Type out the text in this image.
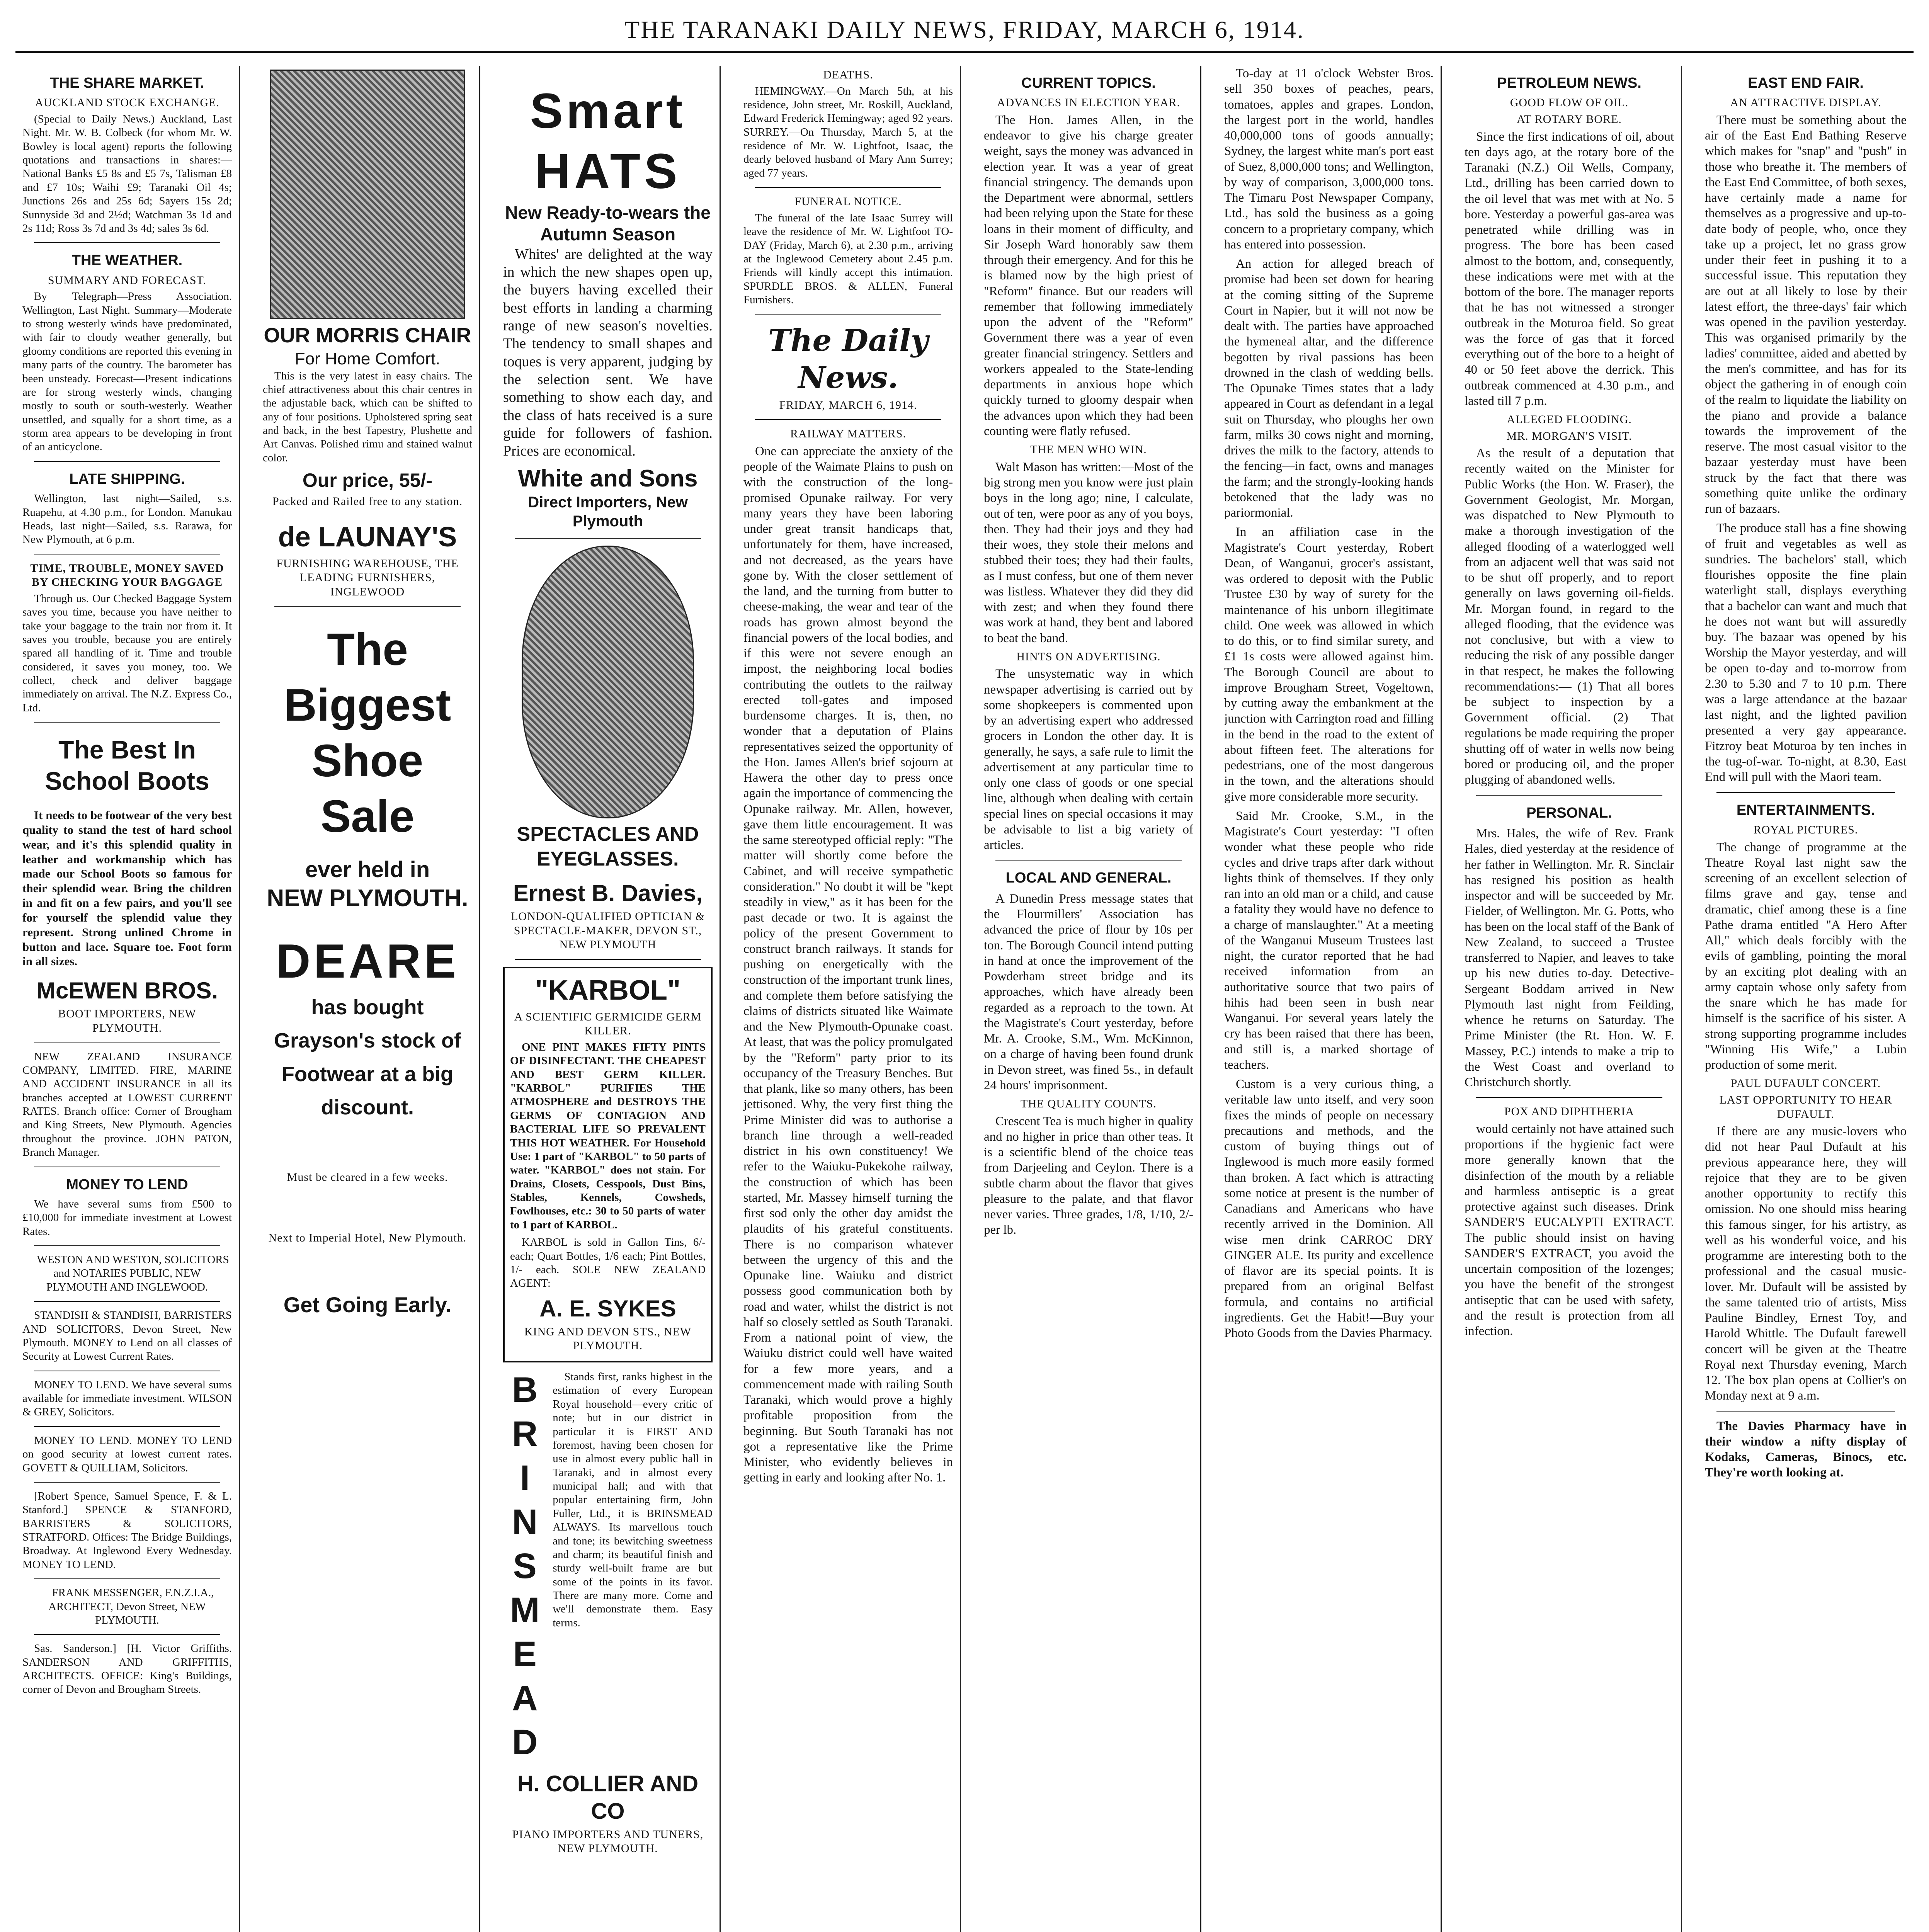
THE TARANAKI DAILY NEWS, FRIDAY, MARCH 6, 1914.
THE SHARE MARKET.
AUCKLAND STOCK EXCHANGE.

(Special to Daily News.) Auckland, Last Night. Mr. W. B. Colbeck (for whom Mr. W. Bowley is local agent) reports the following quotations and transactions in shares:—National Banks £5 8s and £5 7s, Talisman £8 and £7 10s; Waihi £9; Taranaki Oil 4s; Junctions 26s and 25s 6d; Sayers 15s 2d; Sunnyside 3d and 2½d; Watchman 3s 1d and 2s 11d; Ross 3s 7d and 3s 4d; sales 3s 6d.

THE WEATHER.
SUMMARY AND FORECAST.

By Telegraph—Press Association. Wellington, Last Night. Summary—Moderate to strong westerly winds have predominated, with fair to cloudy weather generally, but gloomy conditions are reported this evening in many parts of the country. The barometer has been unsteady. Forecast—Present indications are for strong westerly winds, changing mostly to south or south-westerly. Weather unsettled, and squally for a short time, as a storm area appears to be developing in front of an anticyclone.

LATE SHIPPING.

Wellington, last night—Sailed, s.s. Ruapehu, at 4.30 p.m., for London. Manukau Heads, last night—Sailed, s.s. Rarawa, for New Plymouth, at 6 p.m.

TIME, TROUBLE, MONEY SAVED BY CHECKING YOUR BAGGAGE

Through us. Our Checked Baggage System saves you time, because you have neither to take your baggage to the train nor from it. It saves you trouble, because you are entirely spared all handling of it. Time and trouble considered, it saves you money, too. We collect, check and deliver baggage immediately on arrival. The N.Z. Express Co., Ltd.

The Best In School Boots

It needs to be footwear of the very best quality to stand the test of hard school wear, and it's this splendid quality in leather and workmanship which has made our School Boots so famous for their splendid wear. Bring the children in and fit on a few pairs, and you'll see for yourself the splendid value they represent. Strong unlined Chrome in button and lace. Square toe. Foot form in all sizes.

McEWEN BROS.
BOOT IMPORTERS, NEW PLYMOUTH.

NEW ZEALAND INSURANCE COMPANY, LIMITED. FIRE, MARINE AND ACCIDENT INSURANCE in all its branches accepted at LOWEST CURRENT RATES. Branch office: Corner of Brougham and King Streets, New Plymouth. Agencies throughout the province. JOHN PATON, Branch Manager.

MONEY TO LEND

We have several sums from £500 to £10,000 for immediate investment at Lowest Rates.

WESTON AND WESTON, SOLICITORS and NOTARIES PUBLIC, NEW PLYMOUTH AND INGLEWOOD.

STANDISH & STANDISH, BARRISTERS AND SOLICITORS, Devon Street, New Plymouth. MONEY to Lend on all classes of Security at Lowest Current Rates.

MONEY TO LEND. We have several sums available for immediate investment. WILSON & GREY, Solicitors.

MONEY TO LEND. MONEY TO LEND on good security at lowest current rates. GOVETT & QUILLIAM, Solicitors.

[Robert Spence, Samuel Spence, F. & L. Stanford.] SPENCE & STANFORD, BARRISTERS & SOLICITORS, STRATFORD. Offices: The Bridge Buildings, Broadway. At Inglewood Every Wednesday. MONEY TO LEND.

FRANK MESSENGER, F.N.Z.I.A., ARCHITECT, Devon Street, NEW PLYMOUTH.

Sas. Sanderson.] [H. Victor Griffiths. SANDERSON AND GRIFFITHS, ARCHITECTS. OFFICE: King's Buildings, corner of Devon and Brougham Streets.

OUR MORRIS CHAIR
For Home Comfort.

This is the very latest in easy chairs. The chief attractiveness about this chair centres in the adjustable back, which can be shifted to any of four positions. Upholstered spring seat and back, in the best Tapestry, Plushette and Art Canvas. Polished rimu and stained walnut color.

Our price, 55/-
Packed and Railed free to any station.
de LAUNAY'S
FURNISHING WAREHOUSE, THE LEADING FURNISHERS, INGLEWOOD
The
Biggest
Shoe
Sale
ever held in
NEW PLYMOUTH.
DEARE
has bought Grayson's stock of Footwear at a big discount.
Must be cleared in a few weeks.
Next to Imperial Hotel, New Plymouth.
Get Going Early.
Smart
HATS
New Ready-to-wears the Autumn Season

Whites' are delighted at the way in which the new shapes open up, the buyers having excelled their best efforts in landing a charming range of new season's novelties. The tendency to small shapes and toques is very apparent, judging by the selection sent. We have something to show each day, and the class of hats received is a sure guide for followers of fashion. Prices are economical.

White and Sons
Direct Importers, New Plymouth
SPECTACLES AND EYEGLASSES.
Ernest B. Davies,
LONDON-QUALIFIED OPTICIAN & SPECTACLE-MAKER, DEVON ST., NEW PLYMOUTH
"KARBOL"
A SCIENTIFIC GERMICIDE GERM KILLER.

ONE PINT MAKES FIFTY PINTS OF DISINFECTANT. THE CHEAPEST AND BEST GERM KILLER. "KARBOL" PURIFIES THE ATMOSPHERE and DESTROYS THE GERMS OF CONTAGION AND BACTERIAL LIFE SO PREVALENT THIS HOT WEATHER. For Household Use: 1 part of "KARBOL" to 50 parts of water. "KARBOL" does not stain. For Drains, Closets, Cesspools, Dust Bins, Stables, Kennels, Cowsheds, Fowlhouses, etc.: 30 to 50 parts of water to 1 part of KARBOL.

KARBOL is sold in Gallon Tins, 6/- each; Quart Bottles, 1/6 each; Pint Bottles, 1/- each. SOLE NEW ZEALAND AGENT:

A. E. SYKES
KING AND DEVON STS., NEW PLYMOUTH.
BRINSMEAD	Stands first, ranks highest in the estimation of every European Royal household—every critic of note; but in our district in particular it is FIRST AND foremost, having been chosen for use in almost every public hall in Taranaki, and in almost every municipal hall; and with that popular entertaining firm, John Fuller, Ltd., it is BRINSMEAD ALWAYS. Its marvellous touch and tone; its bewitching sweetness and charm; its beautiful finish and sturdy well-built frame are but some of the points in its favor. There are many more. Come and we'll demonstrate them. Easy terms.

H. COLLIER AND CO
PIANO IMPORTERS AND TUNERS, NEW PLYMOUTH.
DEATHS.

HEMINGWAY.—On March 5th, at his residence, John street, Mr. Roskill, Auckland, Edward Frederick Hemingway; aged 92 years. SURREY.—On Thursday, March 5, at the residence of Mr. W. Lightfoot, Isaac, the dearly beloved husband of Mary Ann Surrey; aged 77 years.

FUNERAL NOTICE.

The funeral of the late Isaac Surrey will leave the residence of Mr. W. Lightfoot TO-DAY (Friday, March 6), at 2.30 p.m., arriving at the Inglewood Cemetery about 2.45 p.m. Friends will kindly accept this intimation. SPURDLE BROS. & ALLEN, Funeral Furnishers.

The Daily News.
FRIDAY, MARCH 6, 1914.
RAILWAY MATTERS.

One can appreciate the anxiety of the people of the Waimate Plains to push on with the construction of the long-promised Opunake railway. For very many years they have been laboring under great transit handicaps that, unfortunately for them, have increased, and not decreased, as the years have gone by. With the closer settlement of the land, and the turning from butter to cheese-making, the wear and tear of the roads has grown almost beyond the financial powers of the local bodies, and if this were not severe enough an impost, the neighboring local bodies contributing the outlets to the railway erected toll-gates and imposed burdensome charges. It is, then, no wonder that a deputation of Plains representatives seized the opportunity of the Hon. James Allen's brief sojourn at Hawera the other day to press once again the importance of commencing the Opunake railway. Mr. Allen, however, gave them little encouragement. It was the same stereotyped official reply: "The matter will shortly come before the Cabinet, and will receive sympathetic consideration." No doubt it will be "kept steadily in view," as it has been for the past decade or two. It is against the policy of the present Government to construct branch railways. It stands for pushing on energetically with the construction of the important trunk lines, and complete them before satisfying the claims of districts situated like Waimate and the New Plymouth-Opunake coast. At least, that was the policy promulgated by the "Reform" party prior to its occupancy of the Treasury Benches. But that plank, like so many others, has been jettisoned. Why, the very first thing the Prime Minister did was to authorise a branch line through a well-readed district in his own constituency! We refer to the Waiuku-Pukekohe railway, the construction of which has been started, Mr. Massey himself turning the first sod only the other day amidst the plaudits of his grateful constituents. There is no comparison whatever between the urgency of this and the Opunake line. Waiuku and district possess good communication both by road and water, whilst the district is not half so closely settled as South Taranaki. From a national point of view, the Waiuku district could well have waited for a few more years, and a commencement made with railing South Taranaki, which would prove a highly profitable proposition from the beginning. But South Taranaki has not got a representative like the Prime Minister, who evidently believes in getting in early and looking after No. 1.

CURRENT TOPICS.
ADVANCES IN ELECTION YEAR.

The Hon. James Allen, in the endeavor to give his charge greater weight, says the money was advanced in election year. It was a year of great financial stringency. The demands upon the Department were abnormal, settlers had been relying upon the State for these loans in their moment of difficulty, and Sir Joseph Ward honorably saw them through their emergency. And for this he is blamed now by the high priest of "Reform" finance. But our readers will remember that following immediately upon the advent of the "Reform" Government there was a year of even greater financial stringency. Settlers and workers appealed to the State-lending departments in anxious hope which quickly turned to gloomy despair when the advances upon which they had been counting were flatly refused.

THE MEN WHO WIN.

Walt Mason has written:—Most of the big strong men you know were just plain boys in the long ago; nine, I calculate, out of ten, were poor as any of you boys, then. They had their joys and they had their woes, they stole their melons and stubbed their toes; they had their faults, as I must confess, but one of them never was listless. Whatever they did they did with zest; and when they found there was work at hand, they bent and labored to beat the band.

HINTS ON ADVERTISING.

The unsystematic way in which newspaper advertising is carried out by some shopkeepers is commented upon by an advertising expert who addressed grocers in London the other day. It is generally, he says, a safe rule to limit the advertisement at any particular time to only one class of goods or one special line, although when dealing with certain special lines on special occasions it may be advisable to list a big variety of articles.

LOCAL AND GENERAL.

A Dunedin Press message states that the Flourmillers' Association has advanced the price of flour by 10s per ton. The Borough Council intend putting in hand at once the improvement of the Powderham street bridge and its approaches, which have already been regarded as a reproach to the town. At the Magistrate's Court yesterday, before Mr. A. Crooke, S.M., Wm. McKinnon, on a charge of having been found drunk in Devon street, was fined 5s., in default 24 hours' imprisonment.

THE QUALITY COUNTS.

Crescent Tea is much higher in quality and no higher in price than other teas. It is a scientific blend of the choice teas from Darjeeling and Ceylon. There is a subtle charm about the flavor that gives pleasure to the palate, and that flavor never varies. Three grades, 1/8, 1/10, 2/- per lb.

To-day at 11 o'clock Webster Bros. sell 350 boxes of peaches, pears, tomatoes, apples and grapes. London, the largest port in the world, handles 40,000,000 tons of goods annually; Sydney, the largest white man's port east of Suez, 8,000,000 tons; and Wellington, by way of comparison, 3,000,000 tons. The Timaru Post Newspaper Company, Ltd., has sold the business as a going concern to a proprietary company, which has entered into possession.

An action for alleged breach of promise had been set down for hearing at the coming sitting of the Supreme Court in Napier, but it will not now be dealt with. The parties have approached the hymeneal altar, and the difference begotten by rival passions has been drowned in the clash of wedding bells. The Opunake Times states that a lady appeared in Court as defendant in a legal suit on Thursday, who ploughs her own farm, milks 30 cows night and morning, drives the milk to the factory, attends to the fencing—in fact, owns and manages the farm; and the strongly-looking hands betokened that the lady was no pariormonial.

In an affiliation case in the Magistrate's Court yesterday, Robert Dean, of Wanganui, grocer's assistant, was ordered to deposit with the Public Trustee £30 by way of surety for the maintenance of his unborn illegitimate child. One week was allowed in which to do this, or to find similar surety, and £1 1s costs were allowed against him. The Borough Council are about to improve Brougham Street, Vogeltown, by cutting away the embankment at the junction with Carrington road and filling in the bend in the road to the extent of about fifteen feet. The alterations for pedestrians, one of the most dangerous in the town, and the alterations should give more considerable more security.

Said Mr. Crooke, S.M., in the Magistrate's Court yesterday: "I often wonder what these people who ride cycles and drive traps after dark without lights think of themselves. If they only ran into an old man or a child, and cause a fatality they would have no defence to a charge of manslaughter." At a meeting of the Wanganui Museum Trustees last night, the curator reported that he had received information from an authoritative source that two pairs of hihis had been seen in bush near Wanganui. For several years lately the cry has been raised that there has been, and still is, a marked shortage of teachers.

Custom is a very curious thing, a veritable law unto itself, and very soon fixes the minds of people on necessary precautions and methods, and the custom of buying things out of Inglewood is much more easily formed than broken. A fact which is attracting some notice at present is the number of Canadians and Americans who have recently arrived in the Dominion. All wise men drink CARROC DRY GINGER ALE. Its purity and excellence of flavor are its special points. It is prepared from an original Belfast formula, and contains no artificial ingredients. Get the Habit!—Buy your Photo Goods from the Davies Pharmacy.

PETROLEUM NEWS.
GOOD FLOW OF OIL.
AT ROTARY BORE.

Since the first indications of oil, about ten days ago, at the rotary bore of the Taranaki (N.Z.) Oil Wells, Company, Ltd., drilling has been carried down to the oil level that was met with at No. 5 bore. Yesterday a powerful gas-area was penetrated while drilling was in progress. The bore has been cased almost to the bottom, and, consequently, these indications were met with at the bottom of the bore. The manager reports that he has not witnessed a stronger outbreak in the Moturoa field. So great was the force of gas that it forced everything out of the bore to a height of 40 or 50 feet above the derrick. This outbreak commenced at 4.30 p.m., and lasted till 7 p.m.

ALLEGED FLOODING.
MR. MORGAN'S VISIT.

As the result of a deputation that recently waited on the Minister for Public Works (the Hon. W. Fraser), the Government Geologist, Mr. Morgan, was dispatched to New Plymouth to make a thorough investigation of the alleged flooding of a waterlogged well from an adjacent well that was said not to be shut off properly, and to report generally on laws governing oil-fields. Mr. Morgan found, in regard to the alleged flooding, that the evidence was not conclusive, but with a view to reducing the risk of any possible danger in that respect, he makes the following recommendations:— (1) That all bores be subject to inspection by a Government official. (2) That regulations be made requiring the proper shutting off of water in wells now being bored or producing oil, and the proper plugging of abandoned wells.

PERSONAL.

Mrs. Hales, the wife of Rev. Frank Hales, died yesterday at the residence of her father in Wellington. Mr. R. Sinclair has resigned his position as health inspector and will be succeeded by Mr. Fielder, of Wellington. Mr. G. Potts, who has been on the local staff of the Bank of New Zealand, to succeed a Trustee transferred to Napier, and leaves to take up his new duties to-day. Detective-Sergeant Boddam arrived in New Plymouth last night from Feilding, whence he returns on Saturday. The Prime Minister (the Rt. Hon. W. F. Massey, P.C.) intends to make a trip to the West Coast and overland to Christchurch shortly.

POX AND DIPHTHERIA

would certainly not have attained such proportions if the hygienic fact were more generally known that the disinfection of the mouth by a reliable and harmless antiseptic is a great protective against such diseases. Drink SANDER'S EUCALYPTI EXTRACT. The public should insist on having SANDER'S EXTRACT, you avoid the uncertain composition of the lozenges; you have the benefit of the strongest antiseptic that can be used with safety, and the result is protection from all infection.

EAST END FAIR.
AN ATTRACTIVE DISPLAY.

There must be something about the air of the East End Bathing Reserve which makes for "snap" and "push" in those who breathe it. The members of the East End Committee, of both sexes, have certainly made a name for themselves as a progressive and up-to-date body of people, who, once they take up a project, let no grass grow under their feet in pushing it to a successful issue. This reputation they are out at all likely to lose by their latest effort, the three-days' fair which was opened in the pavilion yesterday. This was organised primarily by the ladies' committee, aided and abetted by the men's committee, and has for its object the gathering in of enough coin of the realm to liquidate the liability on the piano and provide a balance towards the improvement of the reserve. The most casual visitor to the bazaar yesterday must have been struck by the fact that there was something quite unlike the ordinary run of bazaars.

The produce stall has a fine showing of fruit and vegetables as well as sundries. The bachelors' stall, which flourishes opposite the fine plain waterlight stall, displays everything that a bachelor can want and much that he does not want but will assuredly buy. The bazaar was opened by his Worship the Mayor yesterday, and will be open to-day and to-morrow from 2.30 to 5.30 and 7 to 10 p.m. There was a large attendance at the bazaar last night, and the lighted pavilion presented a very gay appearance. Fitzroy beat Moturoa by ten inches in the tug-of-war. To-night, at 8.30, East End will pull with the Maori team.

ENTERTAINMENTS.
ROYAL PICTURES.

The change of programme at the Theatre Royal last night saw the screening of an excellent selection of films grave and gay, tense and dramatic, chief among these is a fine Pathe drama entitled "A Hero After All," which deals forcibly with the evils of gambling, pointing the moral by an exciting plot dealing with an army captain whose only safety from the snare which he has made for himself is the sacrifice of his sister. A strong supporting programme includes "Winning His Wife," a Lubin production of some merit.

PAUL DUFAULT CONCERT.
LAST OPPORTUNITY TO HEAR DUFAULT.

If there are any music-lovers who did not hear Paul Dufault at his previous appearance here, they will rejoice that they are to be given another opportunity to rectify this omission. No one should miss hearing this famous singer, for his artistry, as well as his wonderful voice, and his programme are interesting both to the professional and the casual music-lover. Mr. Dufault will be assisted by the same talented trio of artists, Miss Pauline Bindley, Ernest Toy, and Harold Whittle. The Dufault farewell concert will be given at the Theatre Royal next Thursday evening, March 12. The box plan opens at Collier's on Monday next at 9 a.m.

The Davies Pharmacy have in their window a nifty display of Kodaks, Cameras, Binocs, etc. They're worth looking at.
